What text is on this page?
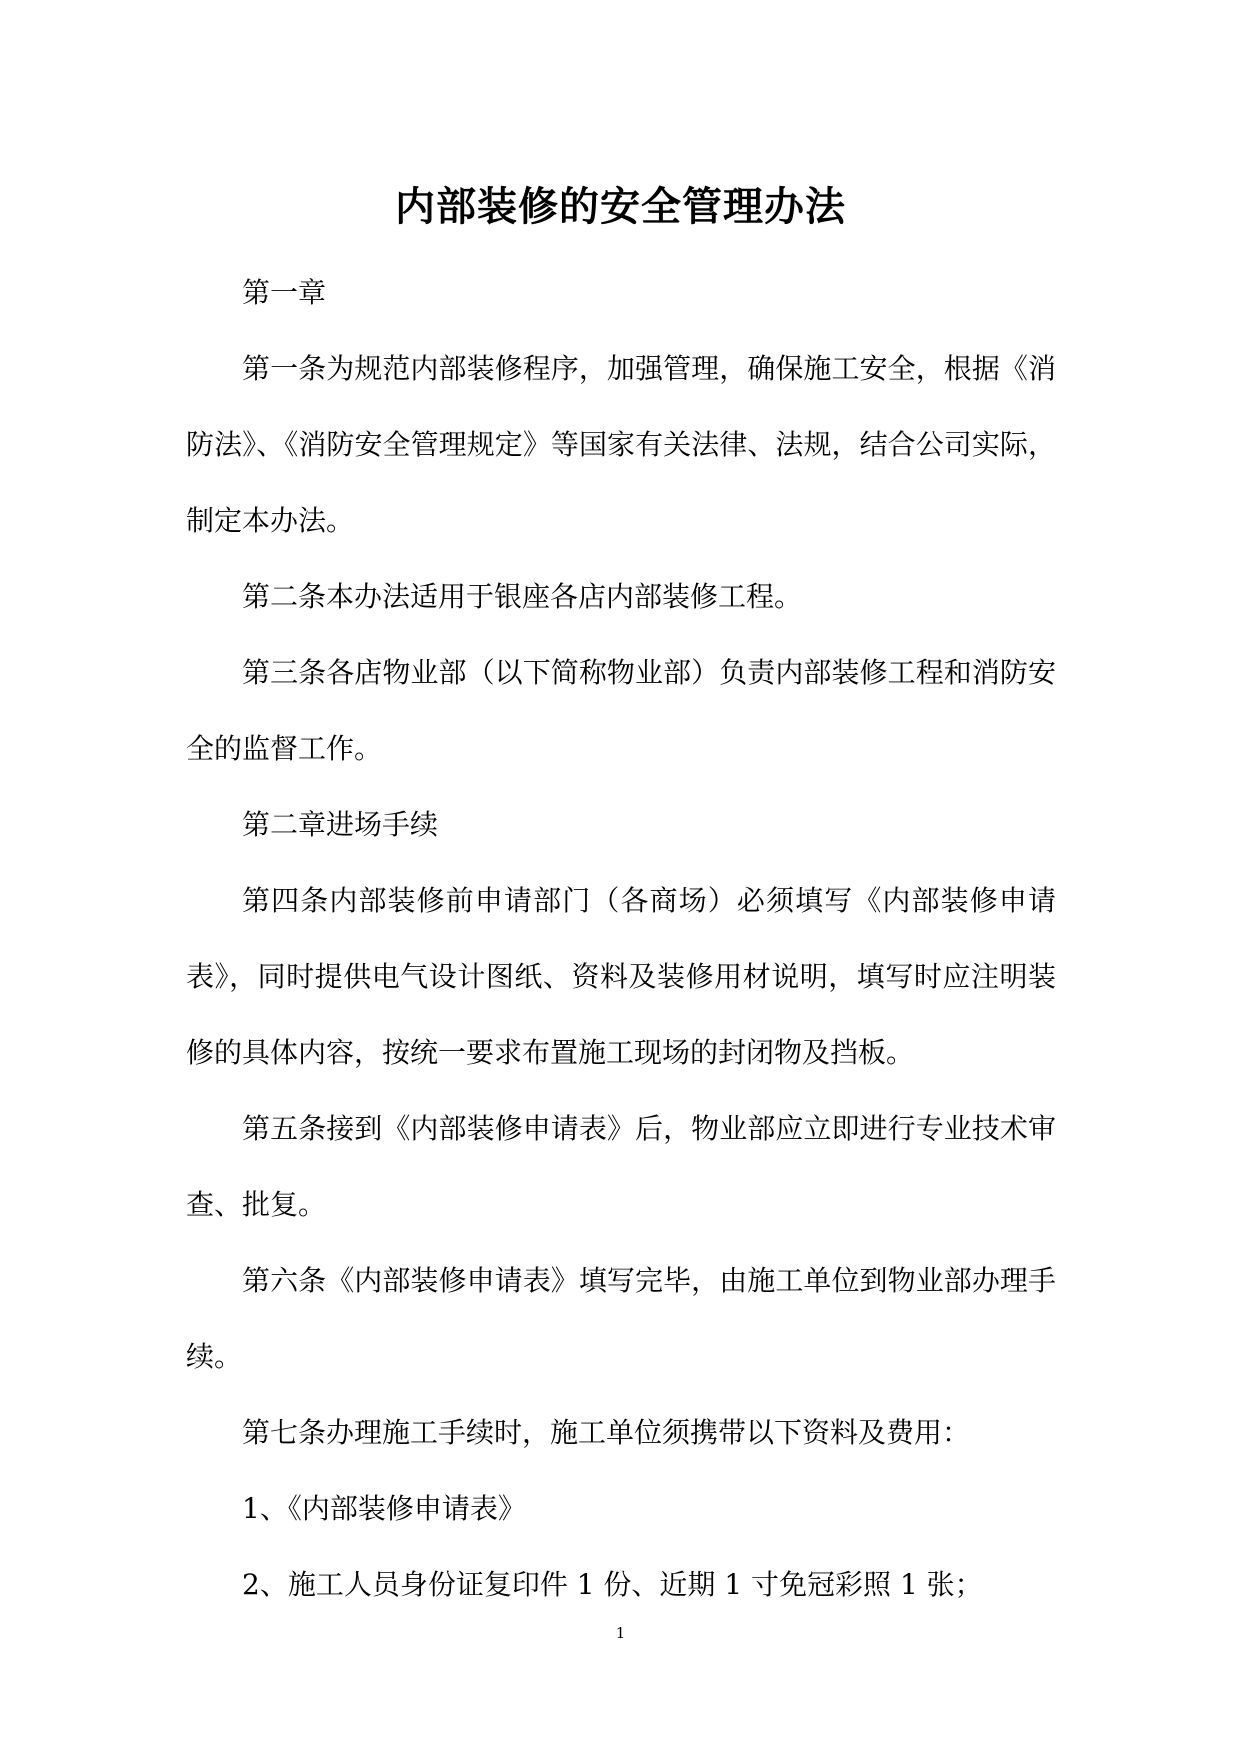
内部装修的安全管理办法

第一章

第一条为规范内部装修程序，加强管理，确保施工安全，根据《消防法》、《消防安全管理规定》等国家有关法律、法规，结合公司实际，制定本办法。

第二条本办法适用于银座各店内部装修工程。

第三条各店物业部（以下简称物业部）负责内部装修工程和消防安全的监督工作。

第二章进场手续

第四条内部装修前申请部门（各商场）必须填写《内部装修申请表》，同时提供电气设计图纸、资料及装修用材说明，填写时应注明装修的具体内容，按统一要求布置施工现场的封闭物及挡板。

第五条接到《内部装修申请表》后，物业部应立即进行专业技术审查、批复。

第六条《内部装修申请表》填写完毕，由施工单位到物业部办理手续。

第七条办理施工手续时，施工单位须携带以下资料及费用：

1、《内部装修申请表》

2、施工人员身份证复印件 1 份、近期 1 寸免冠彩照 1 张；

1
